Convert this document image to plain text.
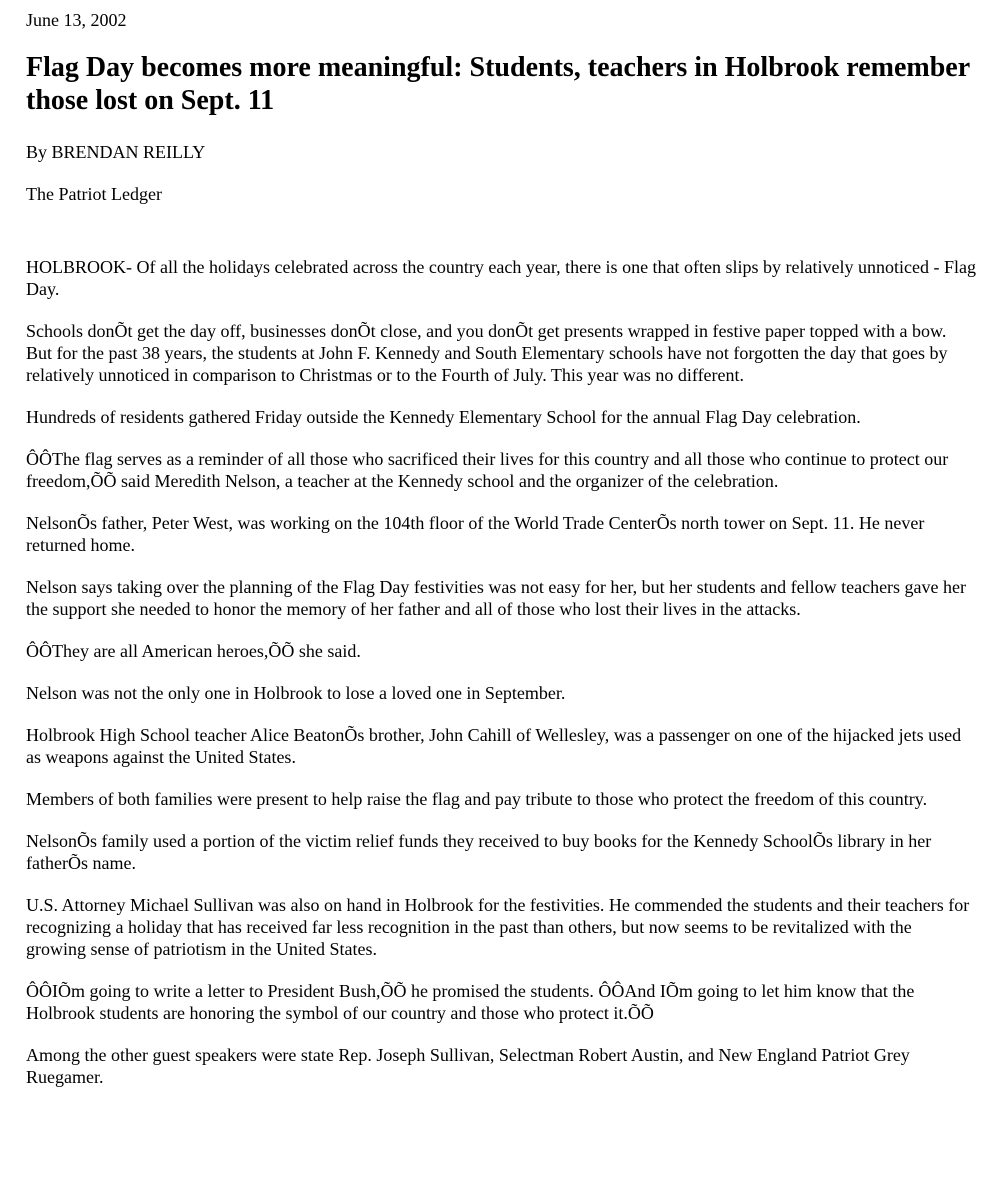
June 13, 2002

Flag Day becomes more meaningful: Students, teachers in Holbrook remember those lost on Sept. 11

By BRENDAN REILLY

The Patriot Ledger

HOLBROOK- Of all the holidays celebrated across the country each year, there is one that often slips by relatively unnoticed - Flag Day.

Schools donÕt get the day off, businesses donÕt close, and you donÕt get presents wrapped in festive paper topped with a bow. But for the past 38 years, the students at John F. Kennedy and South Elementary schools have not forgotten the day that goes by relatively unnoticed in comparison to Christmas or to the Fourth of July. This year was no different.

Hundreds of residents gathered Friday outside the Kennedy Elementary School for the annual Flag Day celebration.

ÔÔThe flag serves as a reminder of all those who sacrificed their lives for this country and all those who continue to protect our freedom,ÕÕ said Meredith Nelson, a teacher at the Kennedy school and the organizer of the celebration.

NelsonÕs father, Peter West, was working on the 104th floor of the World Trade CenterÕs north tower on Sept. 11. He never returned home.

Nelson says taking over the planning of the Flag Day festivities was not easy for her, but her students and fellow teachers gave her the support she needed to honor the memory of her father and all of those who lost their lives in the attacks.

ÔÔThey are all American heroes,ÕÕ she said.

Nelson was not the only one in Holbrook to lose a loved one in September.

Holbrook High School teacher Alice BeatonÕs brother, John Cahill of Wellesley, was a passenger on one of the hijacked jets used as weapons against the United States.

Members of both families were present to help raise the flag and pay tribute to those who protect the freedom of this country.

NelsonÕs family used a portion of the victim relief funds they received to buy books for the Kennedy SchoolÕs library in her fatherÕs name.

U.S. Attorney Michael Sullivan was also on hand in Holbrook for the festivities. He commended the students and their teachers for recognizing a holiday that has received far less recognition in the past than others, but now seems to be revitalized with the growing sense of patriotism in the United States.

ÔÔIÕm going to write a letter to President Bush,ÕÕ he promised the students. ÔÔAnd IÕm going to let him know that the Holbrook students are honoring the symbol of our country and those who protect it.ÕÕ

Among the other guest speakers were state Rep. Joseph Sullivan, Selectman Robert Austin, and New England Patriot Grey Ruegamer.
